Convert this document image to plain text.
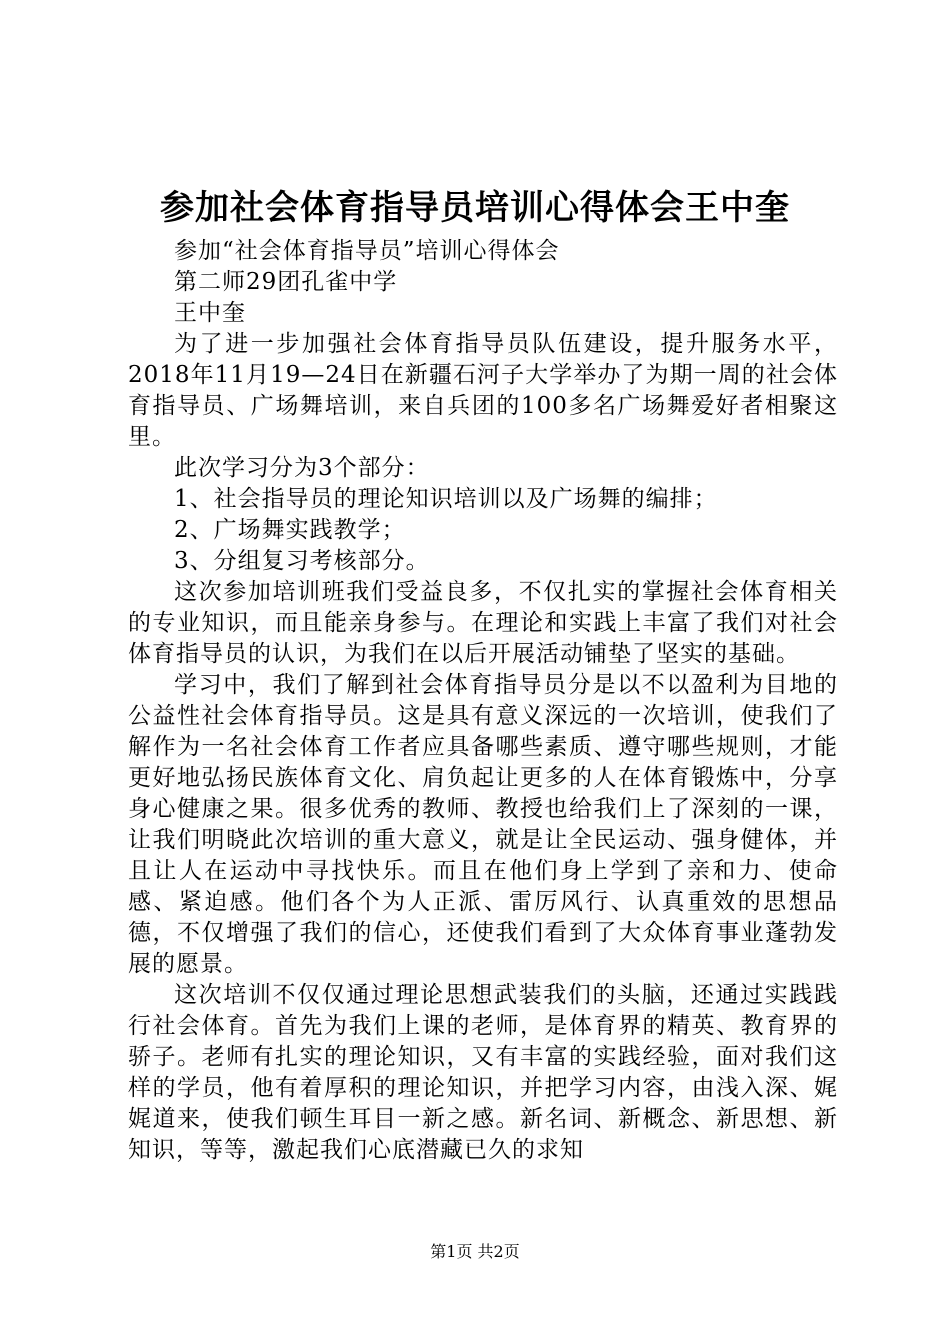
参加社会体育指导员培训心得体会王中奎

参加“社会体育指导员”培训心得体会

第二师29团孔雀中学

王中奎

为了进一步加强社会体育指导员队伍建设，提升服务水平，2018年11月19—24日在新疆石河子大学举办了为期一周的社会体育指导员、广场舞培训，来自兵团的100多名广场舞爱好者相聚这里。

此次学习分为3个部分：

1、社会指导员的理论知识培训以及广场舞的编排；

2、广场舞实践教学；

3、分组复习考核部分。

这次参加培训班我们受益良多，不仅扎实的掌握社会体育相关的专业知识，而且能亲身参与。在理论和实践上丰富了我们对社会体育指导员的认识，为我们在以后开展活动铺垫了坚实的基础。

学习中，我们了解到社会体育指导员分是以不以盈利为目地的公益性社会体育指导员。这是具有意义深远的一次培训，使我们了解作为一名社会体育工作者应具备哪些素质、遵守哪些规则，才能更好地弘扬民族体育文化、肩负起让更多的人在体育锻炼中，分享身心健康之果。很多优秀的教师、教授也给我们上了深刻的一课，让我们明晓此次培训的重大意义，就是让全民运动、强身健体，并且让人在运动中寻找快乐。而且在他们身上学到了亲和力、使命感、紧迫感。他们各个为人正派、雷厉风行、认真重效的思想品德，不仅增强了我们的信心，还使我们看到了大众体育事业蓬勃发展的愿景。

这次培训不仅仅通过理论思想武装我们的头脑，还通过实践践行社会体育。首先为我们上课的老师，是体育界的精英、教育界的骄子。老师有扎实的理论知识，又有丰富的实践经验，面对我们这样的学员，他有着厚积的理论知识，并把学习内容，由浅入深、娓娓道来，使我们顿生耳目一新之感。新名词、新概念、新思想、新知识，等等，激起我们心底潜藏已久的求知

第1页 共2页
